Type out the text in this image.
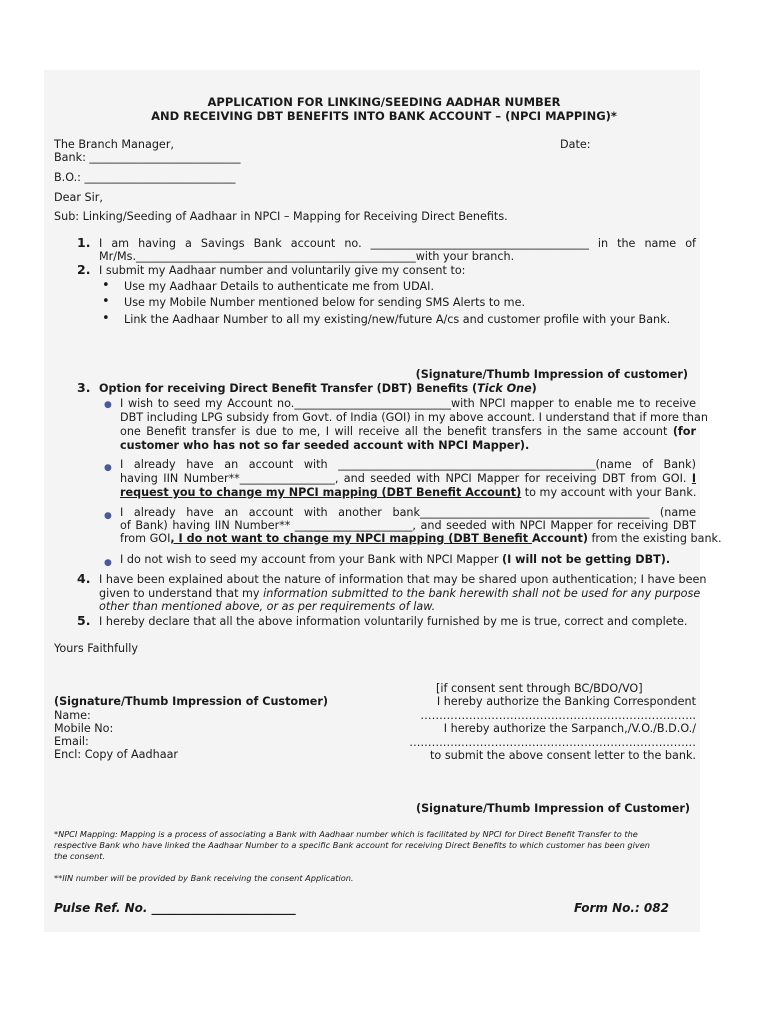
APPLICATION FOR LINKING/SEEDING AADHAR NUMBER
AND RECEIVING DBT BENEFITS INTO BANK ACCOUNT – (NPCI MAPPING)*
The Branch Manager,	Date:
Bank: ___________________________
B.O.: ___________________________
Dear Sir,
Sub: Linking/Seeding of Aadhaar in NPCI – Mapping for Receiving Direct Benefits.
1. I am having a Savings Bank account no. _______________________________________ in the name of
Mr/Ms.__________________________________________________with your branch.
2. I submit my Aadhaar number and voluntarily give my consent to:
• Use my Aadhaar Details to authenticate me from UDAI.
• Use my Mobile Number mentioned below for sending SMS Alerts to me.
• Link the Aadhaar Number to all my existing/new/future A/cs and customer profile with your Bank.
(Signature/Thumb Impression of customer)
3. Option for receiving Direct Benefit Transfer (DBT) Benefits (Tick One)
● I wish to seed my Account no.____________________________with NPCI mapper to enable me to receive
DBT including LPG subsidy from Govt. of India (GOI) in my above account. I understand that if more than
one Benefit transfer is due to me, I will receive all the benefit transfers in the same account (for
customer who has not so far seeded account with NPCI Mapper).
● I already have an account with ______________________________________________(name of Bank)
having IIN Number**_________________, and seeded with NPCI Mapper for receiving DBT from GOI. I
request you to change my NPCI mapping (DBT Benefit Account) to my account with your Bank.
● I already have an account with another bank_________________________________________ (name
of Bank) having IIN Number** _____________________, and seeded with NPCI Mapper for receiving DBT
from GOI, I do not want to change my NPCI mapping (DBT Benefit Account) from the existing bank.
● I do not wish to seed my account from your Bank with NPCI Mapper (I will not be getting DBT).
4. I have been explained about the nature of information that may be shared upon authentication; I have been
given to understand that my information submitted to the bank herewith shall not be used for any purpose
other than mentioned above, or as per requirements of law.
5. I hereby declare that all the above information voluntarily furnished by me is true, correct and complete.
Yours Faithfully
[if consent sent through BC/BDO/VO]
(Signature/Thumb Impression of Customer)	I hereby authorize the Banking Correspondent
Name:	………………………………………………………………..
Mobile No:	I hereby authorize the Sarpanch,/V.O./B.D.O./
Email:	…………..………………………………………………………
Encl: Copy of Aadhaar	to submit the above consent letter to the bank.
(Signature/Thumb Impression of Customer)
*NPCI Mapping: Mapping is a process of associating a Bank with Aadhaar number which is facilitated by NPCI for Direct Benefit Transfer to the
respective Bank who have linked the Aadhaar Number to a specific Bank account for receiving Direct Benefits to which customer has been given
the consent.
**IIN number will be provided by Bank receiving the consent Application.
Pulse Ref. No. ________________________	Form No.: 082
